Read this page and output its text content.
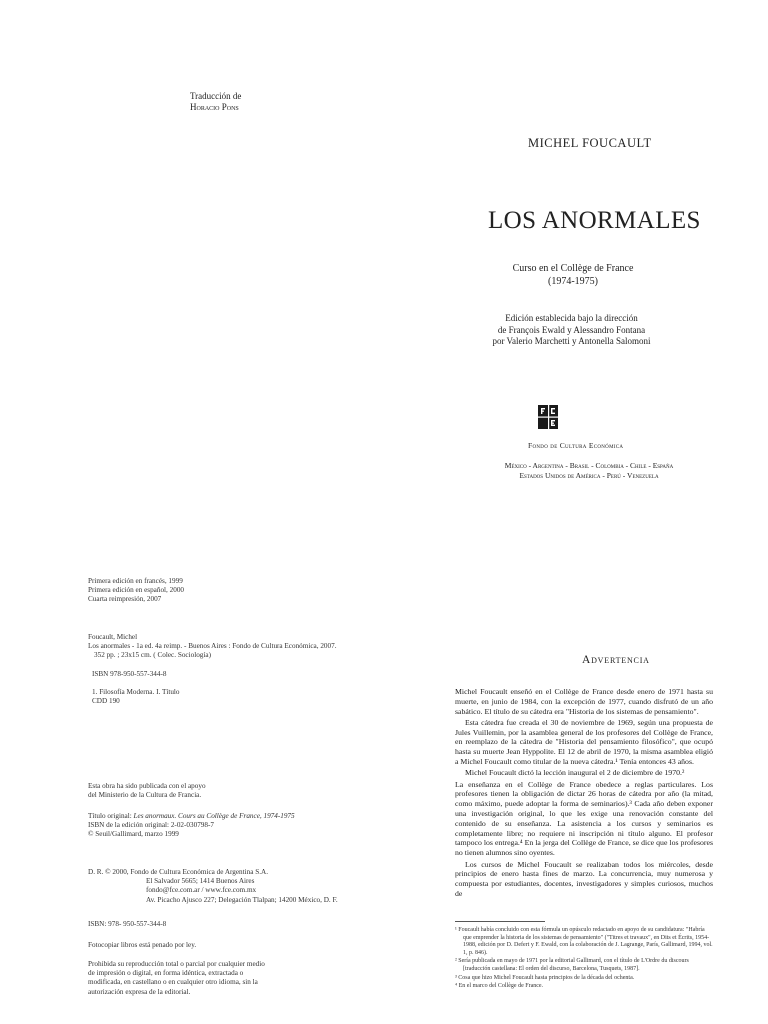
Traducción de
Horacio Pons
Primera edición en francés, 1999
Primera edición en español, 2000
Cuarta reimpresión, 2007
Foucault, Michel
Los anormales - 1a ed. 4a reimp. - Buenos Aires : Fondo de Cultura Económica, 2007.
352 pp. ; 23x15 cm. ( Colec. Sociología)
ISBN 978-950-557-344-8
1. Filosofía Moderna. I. Título
CDD 190
Esta obra ha sido publicada con el apoyo
del Ministerio de la Cultura de Francia.
Título original: Les anormaux. Cours au Collège de France, 1974-1975
ISBN de la edición original: 2-02-030798-7
© Seuil/Gallimard, marzo 1999
D. R. © 2000, Fondo de Cultura Económica de Argentina S.A.
El Salvador 5665; 1414 Buenos Aires
fondo@fce.com.ar / www.fce.com.mx
Av. Picacho Ajusco 227; Delegación Tlalpan; 14200 México, D. F.
ISBN: 978- 950-557-344-8
Fotocopiar libros está penado por ley.
Prohibida su reproducción total o parcial por cualquier medio
de impresión o digital, en forma idéntica, extractada o
modificada, en castellano o en cualquier otro idioma, sin la
autorización expresa de la editorial.
MICHEL FOUCAULT
LOS ANORMALES
Curso en el Collège de France
(1974-1975)
Edición establecida bajo la dirección
de François Ewald y Alessandro Fontana
por Valerio Marchetti y Antonella Salomoni
Fondo de Cultura Económica
México - Argentina - Brasil - Colombia - Chile - España
Estados Unidos de América - Perú - Venezuela
Advertencia

Michel Foucault enseñó en el Collège de France desde enero de 1971 hasta su muerte, en junio de 1984, con la excepción de 1977, cuando disfrutó de un año sabático. El título de su cátedra era "Historia de los sistemas de pensamiento".

Esta cátedra fue creada el 30 de noviembre de 1969, según una propuesta de Jules Vuillemin, por la asamblea general de los profesores del Collège de France, en reemplazo de la cátedra de "Historia del pensamiento filosófico", que ocupó hasta su muerte Jean Hyppolite. El 12 de abril de 1970, la misma asamblea eligió a Michel Foucault como titular de la nueva cátedra.¹ Tenía entonces 43 años.

Michel Foucault dictó la lección inaugural el 2 de diciembre de 1970.²

La enseñanza en el Collège de France obedece a reglas particulares. Los profesores tienen la obligación de dictar 26 horas de cátedra por año (la mitad, como máximo, puede adoptar la forma de seminarios).³ Cada año deben exponer una investigación original, lo que les exige una renovación constante del contenido de su enseñanza. La asistencia a los cursos y seminarios es completamente libre; no requiere ni inscripción ni título alguno. El profesor tampoco los entrega.⁴ En la jerga del Collège de France, se dice que los profesores no tienen alumnos sino oyentes.

Los cursos de Michel Foucault se realizaban todos los miércoles, desde principios de enero hasta fines de marzo. La concurrencia, muy numerosa y compuesta por estudiantes, docentes, investigadores y simples curiosos, muchos de

¹ Foucault había concluido con esta fórmula un opúsculo redactado en apoyo de su candidatura: "Habría que emprender la historia de los sistemas de pensamiento" ("Titres et travaux", en Dits et Écrits, 1954-1988, edición por D. Defert y F. Ewald, con la colaboración de J. Lagrange, París, Gallimard, 1994, vol. 1, p. 846).
² Sería publicada en mayo de 1971 por la editorial Gallimard, con el título de L'Ordre du discours [traducción castellana: El orden del discurso, Barcelona, Tusquets, 1987].
³ Cosa que hizo Michel Foucault hasta principios de la década del ochenta.
⁴ En el marco del Collège de France.
